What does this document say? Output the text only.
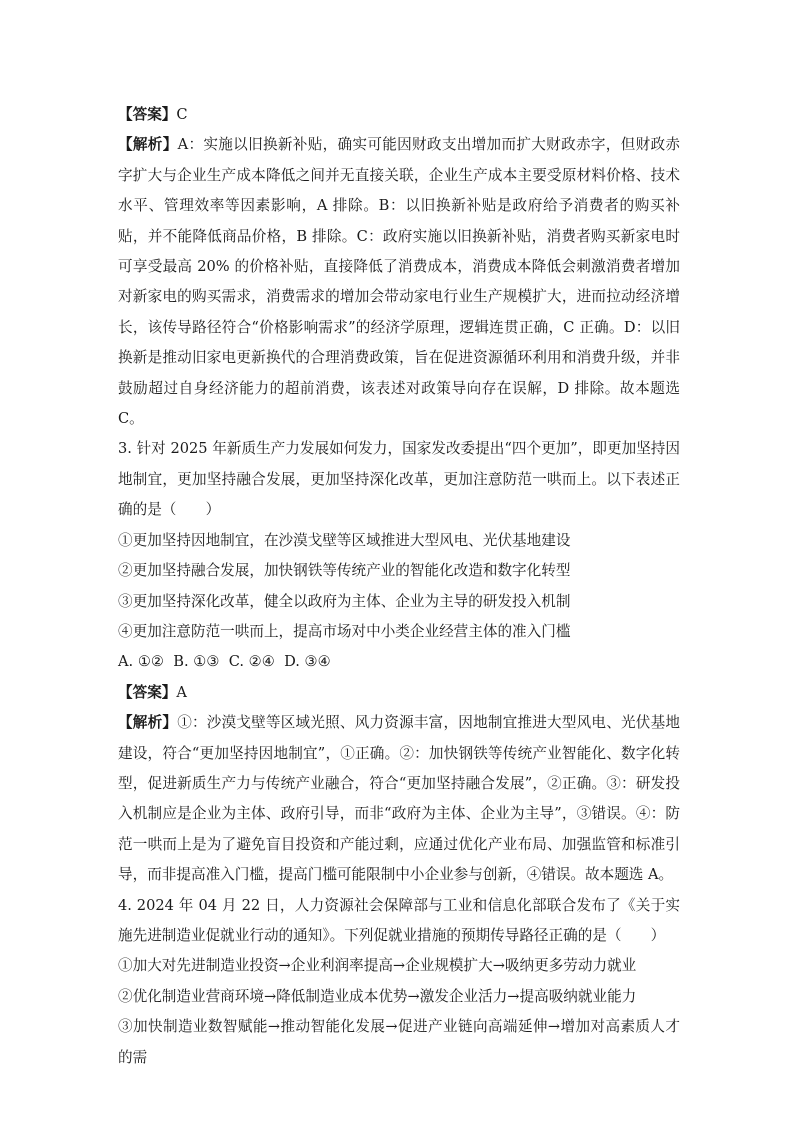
【答案】C

【解析】A：实施以旧换新补贴，确实可能因财政支出增加而扩大财政赤字，但财政赤字扩大与企业生产成本降低之间并无直接关联，企业生产成本主要受原材料价格、技术水平、管理效率等因素影响，A 排除。B：以旧换新补贴是政府给予消费者的购买补贴，并不能降低商品价格，B 排除。C：政府实施以旧换新补贴，消费者购买新家电时可享受最高 20% 的价格补贴，直接降低了消费成本，消费成本降低会刺激消费者增加对新家电的购买需求，消费需求的增加会带动家电行业生产规模扩大，进而拉动经济增长，该传导路径符合“价格影响需求”的经济学原理，逻辑连贯正确，C 正确。D：以旧换新是推动旧家电更新换代的合理消费政策，旨在促进资源循环利用和消费升级，并非鼓励超过自身经济能力的超前消费，该表述对政策导向存在误解，D 排除。故本题选 C。

3. 针对 2025 年新质生产力发展如何发力，国家发改委提出“四个更加”，即更加坚持因地制宜，更加坚持融合发展，更加坚持深化改革，更加注意防范一哄而上。以下表述正确的是（　　）

①更加坚持因地制宜，在沙漠戈壁等区域推进大型风电、光伏基地建设

②更加坚持融合发展，加快钢铁等传统产业的智能化改造和数字化转型

③更加坚持深化改革，健全以政府为主体、企业为主导的研发投入机制

④更加注意防范一哄而上，提高市场对中小类企业经营主体的准入门槛

A. ①②  B. ①③  C. ②④  D. ③④

【答案】A

【解析】①：沙漠戈壁等区域光照、风力资源丰富，因地制宜推进大型风电、光伏基地建设，符合“更加坚持因地制宜”，①正确。②：加快钢铁等传统产业智能化、数字化转型，促进新质生产力与传统产业融合，符合“更加坚持融合发展”，②正确。③：研发投入机制应是企业为主体、政府引导，而非“政府为主体、企业为主导”，③错误。④：防范一哄而上是为了避免盲目投资和产能过剩，应通过优化产业布局、加强监管和标准引导，而非提高准入门槛，提高门槛可能限制中小企业参与创新，④错误。故本题选 A。

4. 2024 年 04 月 22 日，人力资源社会保障部与工业和信息化部联合发布了《关于实施先进制造业促就业行动的通知》。下列促就业措施的预期传导路径正确的是（　　）

①加大对先进制造业投资→企业利润率提高→企业规模扩大→吸纳更多劳动力就业

②优化制造业营商环境→降低制造业成本优势→激发企业活力→提高吸纳就业能力

③加快制造业数智赋能→推动智能化发展→促进产业链向高端延伸→增加对高素质人才的需
